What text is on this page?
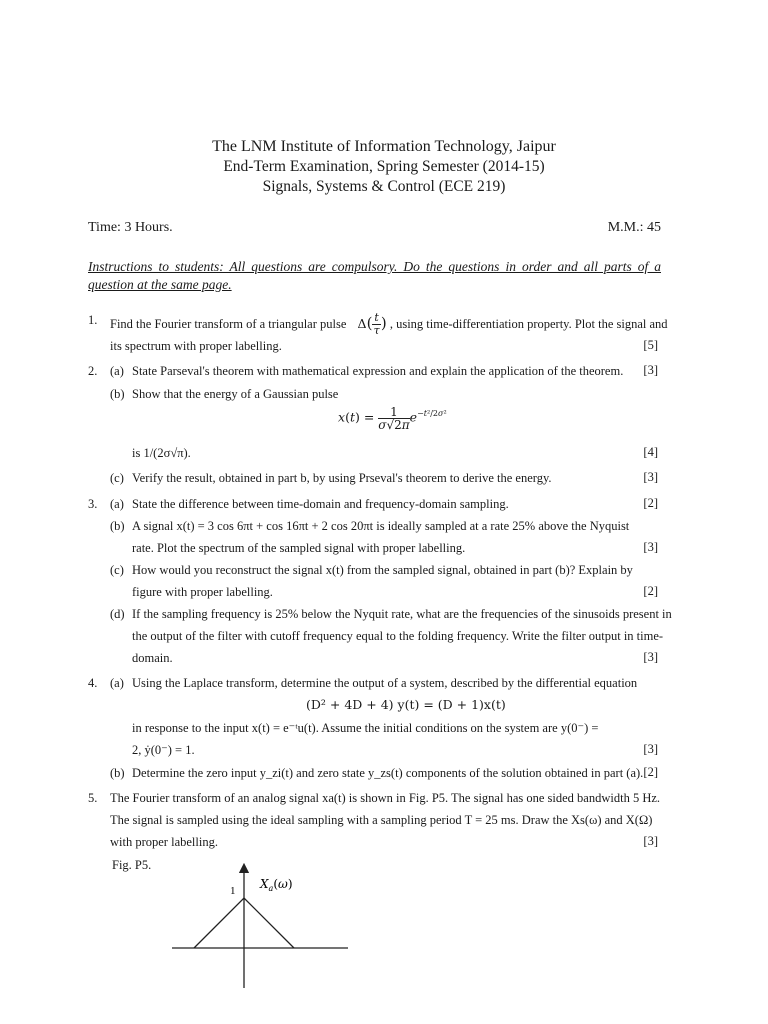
The LNM Institute of Information Technology, Jaipur
End-Term Examination, Spring Semester (2014-15)
Signals, Systems & Control (ECE 219)
Time: 3 Hours.	M.M.: 45
Instructions to students: All questions are compulsory. Do the questions in order and all parts of a question at the same page.
1. Find the Fourier transform of a triangular pulse $\Delta( \frac{t}{\tau}$ ) , using time-differentiation property. Plot the signal and
its spectrum with proper labelling.	[5]
2. (a) State Parseval's theorem with mathematical expression and explain the application of the theorem.	[3]
(b) Show that the energy of a Gaussian pulse
$x(t) = \frac{1}{\sigma√2\pi} e^{-t^2/2\sigma^2}$
is 1/(2σ√π).	[4]
(c) Verify the result, obtained in part b, by using Prseval's theorem to derive the energy.	[3]
3. (a) State the difference between time-domain and frequency-domain sampling.	[2]
(b) A signal x(t) = 3 cos 6πt + cos 16πt + 2 cos 20πt is ideally sampled at a rate 25% above the Nyquist
rate. Plot the spectrum of the sampled signal with proper labelling.	[3]
(c) How would you reconstruct the signal x(t) from the sampled signal, obtained in part (b)? Explain by
figure with proper labelling.	[2]
(d) If the sampling frequency is 25% below the Nyquit rate, what are the frequencies of the sinusoids present in
the output of the filter with cutoff frequency equal to the folding frequency. Write the filter output in time-
domain.	[3]
4. (a) Using the Laplace transform, determine the output of a system, described by the differential equation
(D² + 4D + 4) y(t) = (D + 1)x(t)
in response to the input x(t) = e⁻ᵗu(t). Assume the initial conditions on the system are y(0⁻) =
2, ẏ(0⁻) = 1.	[3]
(b) Determine the zero input y_zi(t) and zero state y_zs(t) components of the solution obtained in part (a). [2]
5. The Fourier transform of an analog signal xa(t) is shown in Fig. P5. The signal has one sided bandwidth 5 Hz.
The signal is sampled using the ideal sampling with a sampling period T = 25 ms. Draw the Xs(ω) and X(Ω)
with proper labelling.	[3]
Fig. P5.
1 $X_a(\omega)$
